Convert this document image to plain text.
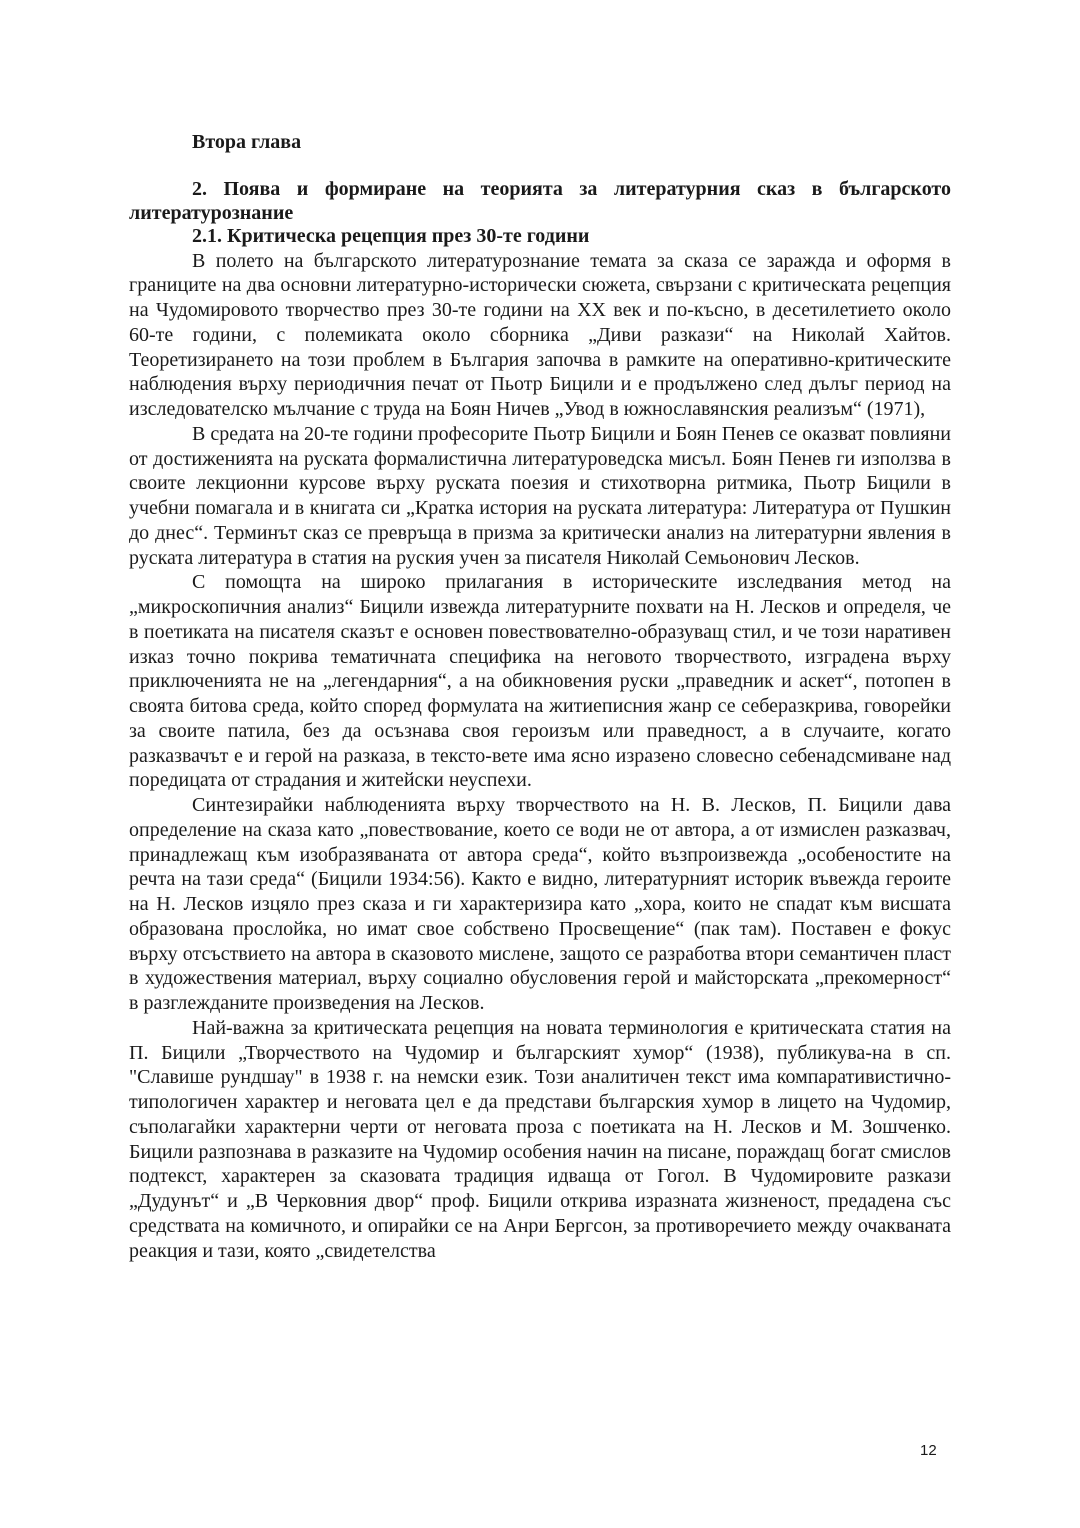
Втора глава

2. Поява и формиране на теорията за литературния сказ в българското литературознание

2.1. Критическа рецепция през 30-те години

В полето на българското литературознание темата за сказа се заражда и оформя в границите на два основни литературно-исторически сюжета, свързани с критическата рецепция на Чудомировото творчество през 30-те години на XX век и по-късно, в десетилетието около 60-те години, с полемиката около сборника „Диви разкази“ на Николай Хайтов. Теоретизирането на този проблем в България започва в рамките на оперативно-критическите наблюдения върху периодичния печат от Пьотр Бицили и е продължено след дълъг период на изследователско мълчание с труда на Боян Ничев „Увод в южнославянския реализъм“ (1971),

В средата на 20-те години професорите Пьотр Бицили и Боян Пенев се оказват повлияни от достиженията на руската формалистична литературоведска мисъл. Боян Пенев ги използва в своите лекционни курсове върху руската поезия и стихотворна ритмика, Пьотр Бицили в учебни помагала и в книгата си „Кратка история на руската литература: Литература от Пушкин до днес“. Терминът сказ се превръща в призма за критически анализ на литературни явления в руската литература в статия на руския учен за писателя Николай Семьонович Лесков.

С помощта на широко прилагания в историческите изследвания метод на „микроскопичния анализ“ Бицили извежда литературните похвати на Н. Лесков и определя, че в поетиката на писателя сказът е основен повествователно-образуващ стил, и че този наративен изказ точно покрива тематичната специфика на неговото творчеството, изградена върху приключенията не на „легендарния“, а на обикновения руски „праведник и аскет“, потопен в своята битова среда, който според формулата на житиеписния жанр се себеразкрива, говорейки за своите патила, без да осъзнава своя героизъм или праведност, а в случаите, когато разказвачът е и герой на разказа, в тексто-вете има ясно изразено словесно себенадсмиване над поредицата от страдания и житейски неуспехи.

Синтезирайки наблюденията върху творчеството на Н. В. Лесков, П. Бицили дава определение на сказа като „повествование, което се води не от автора, а от измислен разказвач, принадлежащ към изобразяваната от автора среда“, който възпроизвежда „особеностите на речта на тази среда“ (Бицили 1934:56). Както е видно, литературният историк въвежда героите на Н. Лесков изцяло през сказа и ги характеризира като „хора, които не спадат към висшата образована прослойка, но имат свое собствено Просвещение“ (пак там). Поставен е фокус върху отсъствието на автора в сказовото мислене, защото се разработва втори семантичен пласт в художествения материал, върху социално обусловения герой и майсторската „прекомерност“ в разглежданите произведения на Лесков.

Най-важна за критическата рецепция на новата терминология е критическата статия на П. Бицили „Творчеството на Чудомир и българският хумор“ (1938), публикува-на в сп. "Славише рундшау" в 1938 г. на немски език. Този аналитичен текст има компаративистично-типологичен характер и неговата цел е да представи българския хумор в лицето на Чудомир, съполагайки характерни черти от неговата проза с поетиката на Н. Лесков и М. Зошченко. Бицили разпознава в разказите на Чудомир особения начин на писане, пораждащ богат смислов подтекст, характерен за сказовата традиция идваща от Гогол. В Чудомировите разкази „Дудунът“ и „В Черковния двор“ проф. Бицили открива изразната жизненост, предадена със средствата на комичното, и опирайки се на Анри Бергсон, за противоречието между очакваната реакция и тази, която „свидетелства

12
